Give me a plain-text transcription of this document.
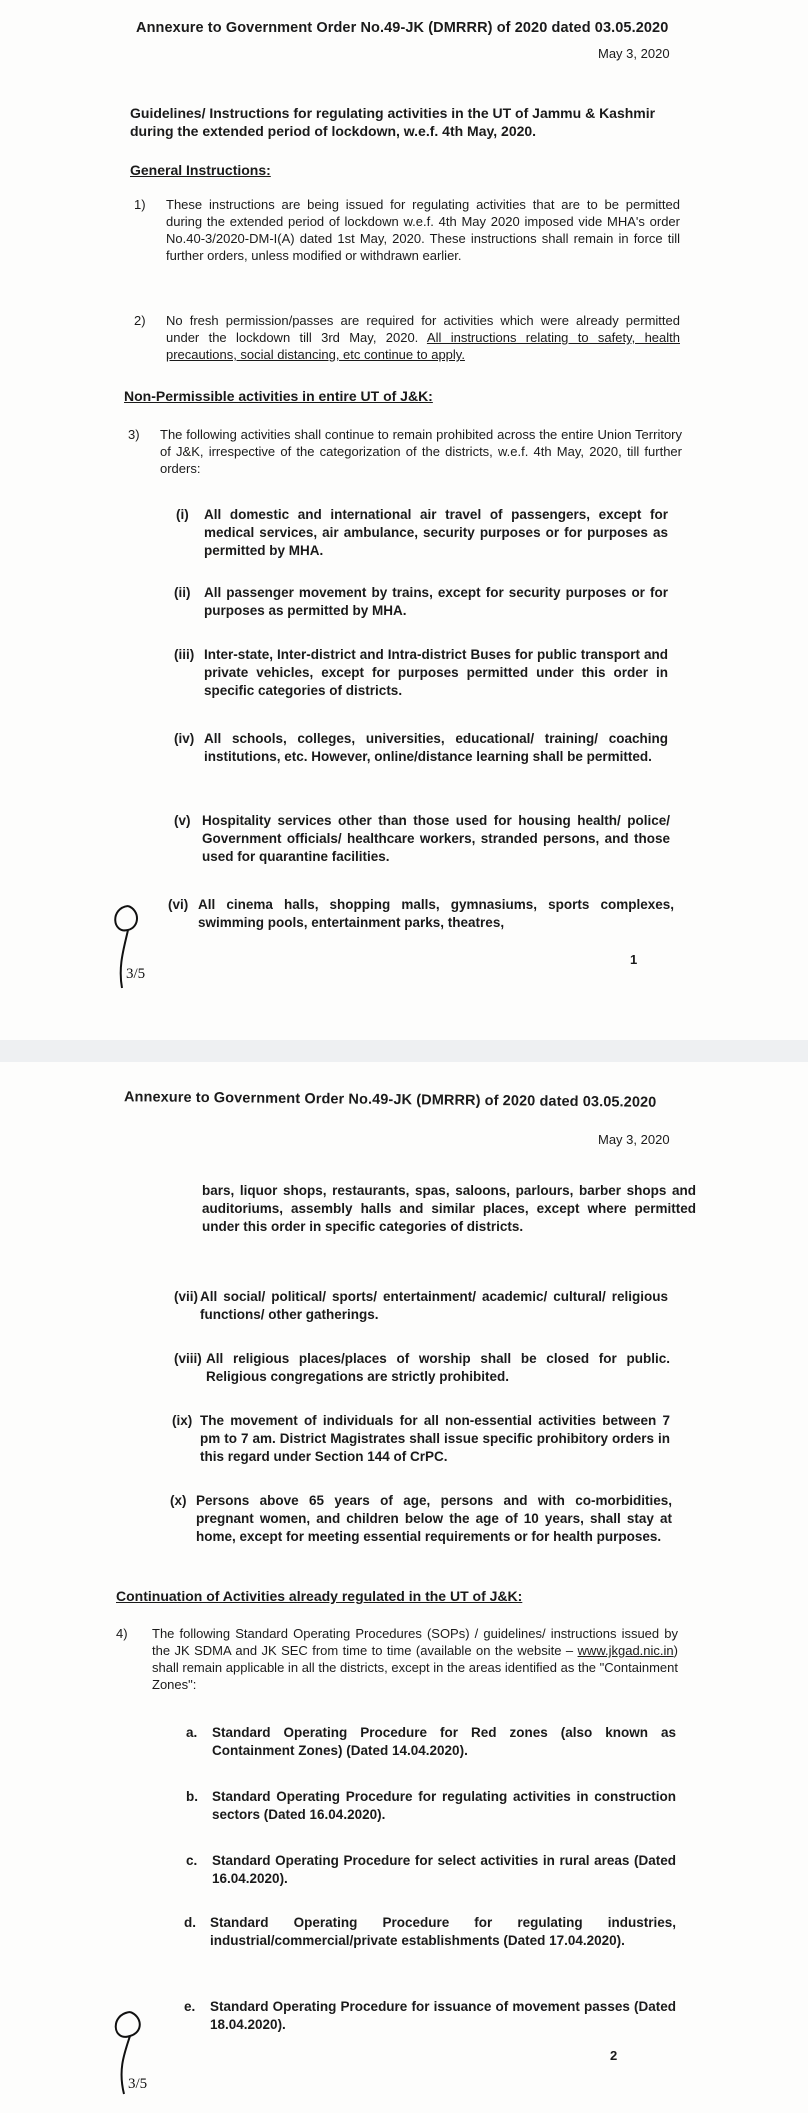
Annexure to Government Order No.49-JK (DMRRR) of 2020 dated 03.05.2020
May 3, 2020
Guidelines/ Instructions for regulating activities in the UT of Jammu & Kashmir during the extended period of lockdown, w.e.f. 4th May, 2020.
General Instructions:
1) These instructions are being issued for regulating activities that are to be permitted during the extended period of lockdown w.e.f. 4th May 2020 imposed vide MHA's order No.40-3/2020-DM-I(A) dated 1st May, 2020. These instructions shall remain in force till further orders, unless modified or withdrawn earlier.
2) No fresh permission/passes are required for activities which were already permitted under the lockdown till 3rd May, 2020. All instructions relating to safety, health precautions, social distancing, etc continue to apply.
Non-Permissible activities in entire UT of J&K:
3) The following activities shall continue to remain prohibited across the entire Union Territory of J&K, irrespective of the categorization of the districts, w.e.f. 4th May, 2020, till further orders:
(i) All domestic and international air travel of passengers, except for medical services, air ambulance, security purposes or for purposes as permitted by MHA.
(ii) All passenger movement by trains, except for security purposes or for purposes as permitted by MHA.
(iii) Inter-state, Inter-district and Intra-district Buses for public transport and private vehicles, except for purposes permitted under this order in specific categories of districts.
(iv) All schools, colleges, universities, educational/ training/ coaching institutions, etc. However, online/distance learning shall be permitted.
(v) Hospitality services other than those used for housing health/ police/ Government officials/ healthcare workers, stranded persons, and those used for quarantine facilities.
(vi) All cinema halls, shopping malls, gymnasiums, sports complexes, swimming pools, entertainment parks, theatres,
1
3/5
Annexure to Government Order No.49-JK (DMRRR) of 2020 dated 03.05.2020
May 3, 2020
bars, liquor shops, restaurants, spas, saloons, parlours, barber shops and auditoriums, assembly halls and similar places, except where permitted under this order in specific categories of districts.
(vii) All social/ political/ sports/ entertainment/ academic/ cultural/ religious functions/ other gatherings.
(viii) All religious places/places of worship shall be closed for public. Religious congregations are strictly prohibited.
(ix) The movement of individuals for all non-essential activities between 7 pm to 7 am. District Magistrates shall issue specific prohibitory orders in this regard under Section 144 of CrPC.
(x) Persons above 65 years of age, persons and with co-morbidities, pregnant women, and children below the age of 10 years, shall stay at home, except for meeting essential requirements or for health purposes.
Continuation of Activities already regulated in the UT of J&K:
4) The following Standard Operating Procedures (SOPs) / guidelines/ instructions issued by the JK SDMA and JK SEC from time to time (available on the website – www.jkgad.nic.in) shall remain applicable in all the districts, except in the areas identified as the "Containment Zones":
a. Standard Operating Procedure for Red zones (also known as Containment Zones) (Dated 14.04.2020).
b. Standard Operating Procedure for regulating activities in construction sectors (Dated 16.04.2020).
c. Standard Operating Procedure for select activities in rural areas (Dated 16.04.2020).
d. Standard Operating Procedure for regulating industries, industrial/commercial/private establishments (Dated 17.04.2020).
e. Standard Operating Procedure for issuance of movement passes (Dated 18.04.2020).
2
3/5
